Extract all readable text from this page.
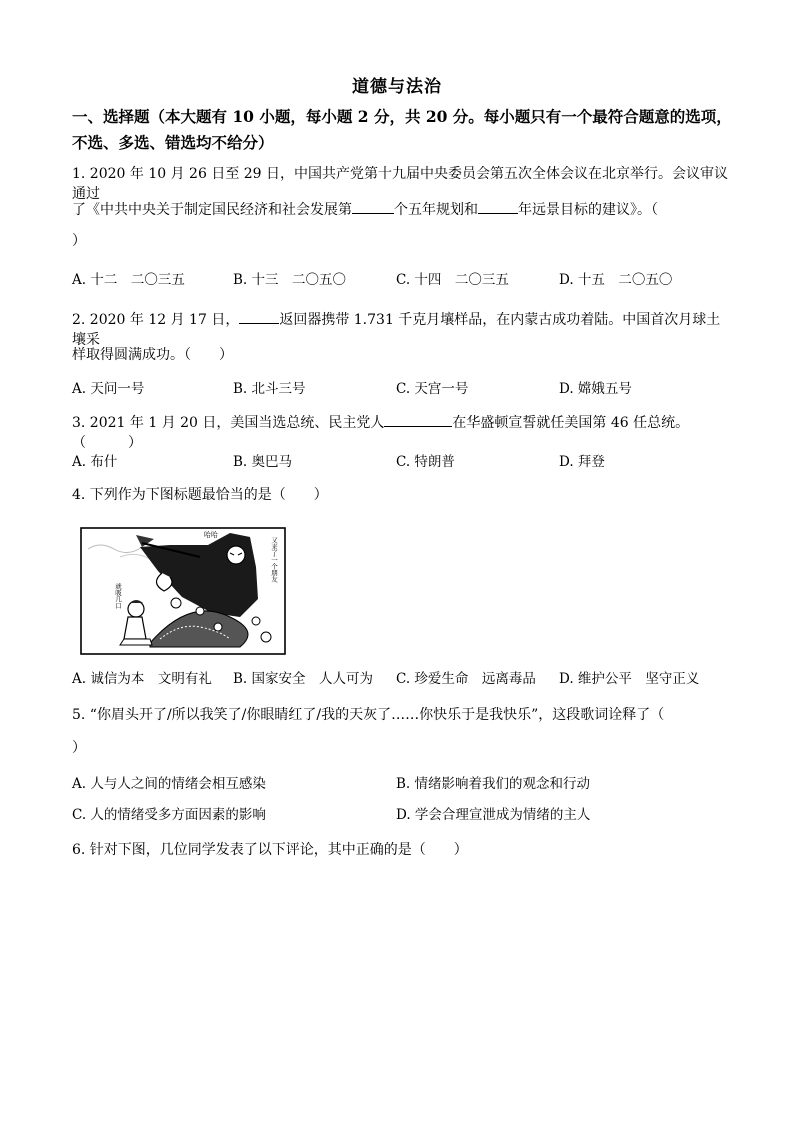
道德与法治
一、选择题（本大题有 10 小题，每小题 2 分，共 20 分。每小题只有一个最符合题意的选项，
不选、多选、错选均不给分）
1. 2020 年 10 月 26 日至 29 日，中国共产党第十九届中央委员会第五次全体会议在北京举行。会议审议通过
了《中共中央关于制定国民经济和社会发展第	个五年规划和	年远景目标的建议》。（
）
A. 十二　二〇三五	B. 十三　二〇五〇	C. 十四　二〇三五	D. 十五　二〇五〇
2. 2020 年 12 月 17 日，	返回器携带 1.731 千克月壤样品，在内蒙古成功着陆。中国首次月球土壤采
样取得圆满成功。（　　）
A. 天问一号	B. 北斗三号	C. 天宫一号	D. 嫦娥五号
3. 2021 年 1 月 20 日，美国当选总统、民主党人	在华盛顿宣誓就任美国第 46 任总统。（　　　）
A. 布什	B. 奥巴马	C. 特朗普	D. 拜登
4. 下列作为下图标题最恰当的是（　　）
哈哈
又来了一个朋友
就吸几口
A. 诚信为本　文明有礼 B. 国家安全　人人可为 C. 珍爱生命　远离毒品 D. 维护公平　坚守正义
5. “你眉头开了/所以我笑了/你眼睛红了/我的天灰了……你快乐于是我快乐”，这段歌词诠释了（
）
A. 人与人之间的情绪会相互感染	B. 情绪影响着我们的观念和行动
C. 人的情绪受多方面因素的影响	D. 学会合理宣泄成为情绪的主人
6. 针对下图，几位同学发表了以下评论，其中正确的是（　　）
